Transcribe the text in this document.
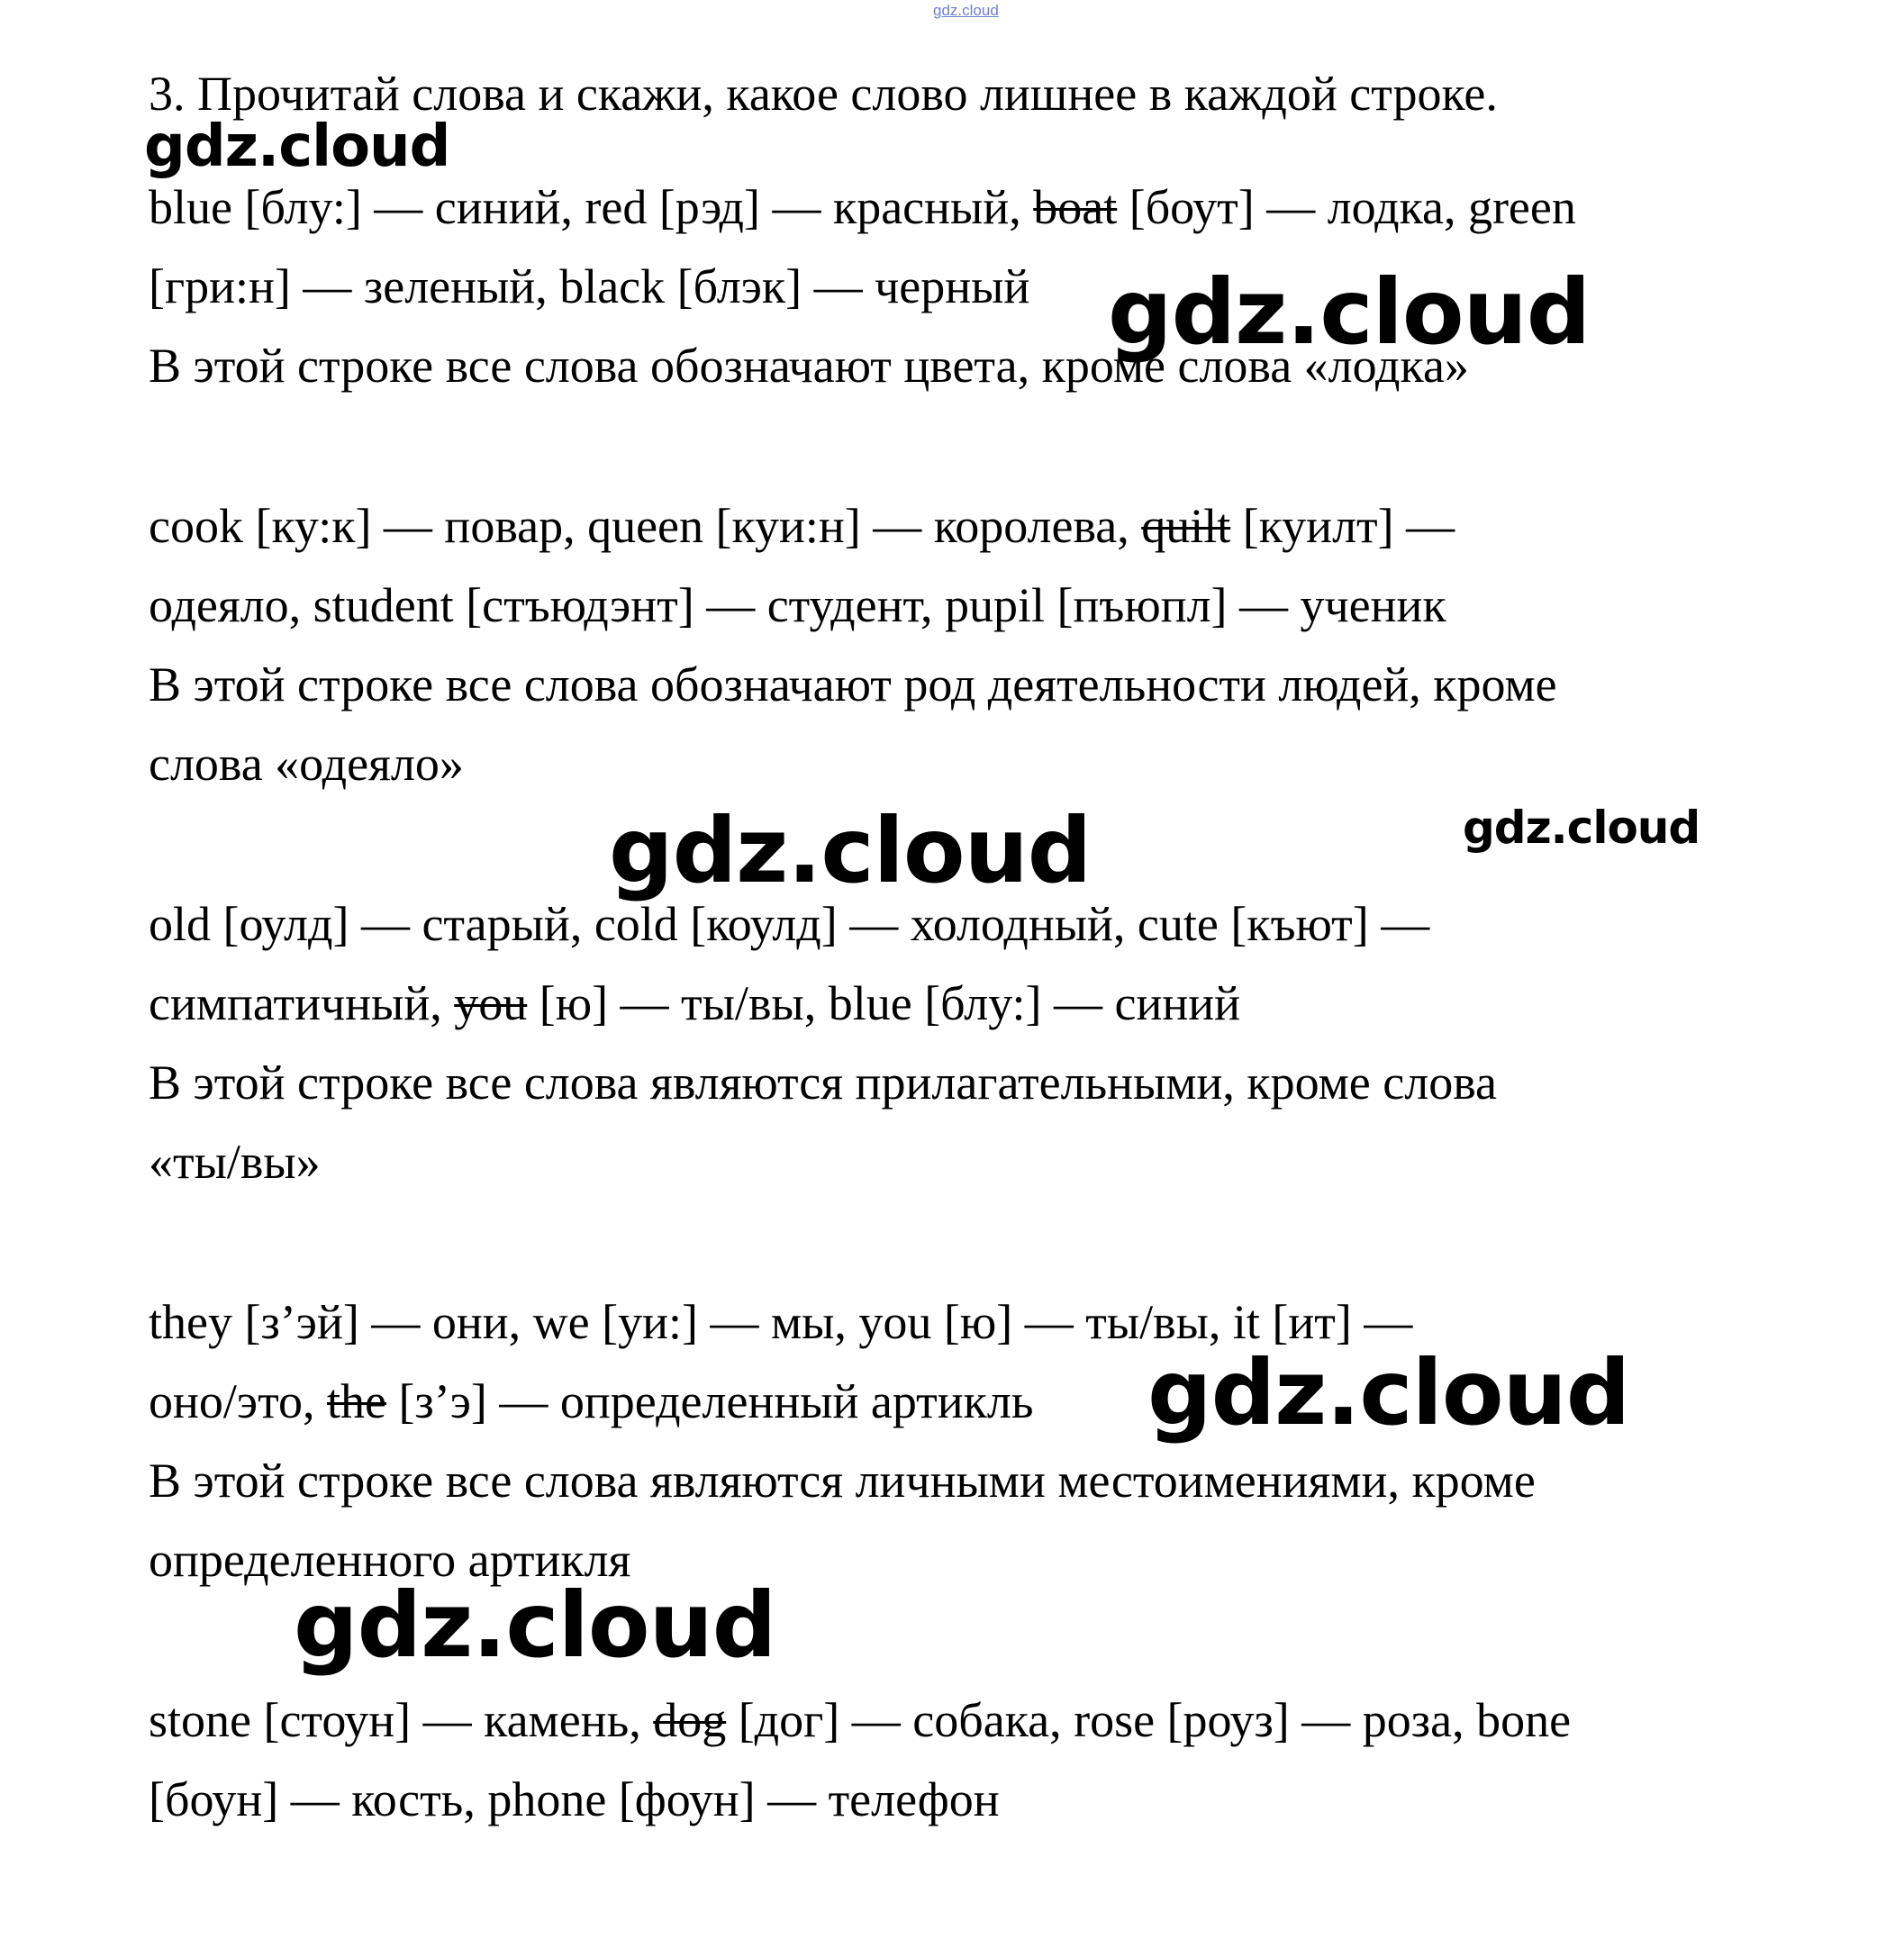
gdz.cloud
3. Прочитай слова и скажи, какое слово лишнее в каждой строке.
blue [блу:] — синий, red [рэд] — красный, boat [боут] — лодка, green
[гри:н] — зеленый, black [блэк] — черный
В этой строке все слова обозначают цвета, кроме слова «лодка»
cook [ку:к] — повар, queen [куи:н] — королева, quilt [куилт] —
одеяло, student [стъюдэнт] — студент, pupil [пъюпл] — ученик
В этой строке все слова обозначают род деятельности людей, кроме
слова «одеяло»
old [оулд] — старый, cold [коулд] — холодный, cute [къют] —
симпатичный, you [ю] — ты/вы, blue [блу:] — синий
В этой строке все слова являются прилагательными, кроме слова
«ты/вы»
they [з’эй] — они, we [уи:] — мы, you [ю] — ты/вы, it [ит] —
оно/это, the [з’э] — определенный артикль
В этой строке все слова являются личными местоимениями, кроме
определенного артикля
stone [стоун] — камень, dog [дог] — собака, rose [роуз] — роза, bone
[боун] — кость, phone [фоун] — телефон
gdz.cloud
gdz.cloud
gdz.cloud	gdz.cloud
gdz.cloud
gdz.cloud
